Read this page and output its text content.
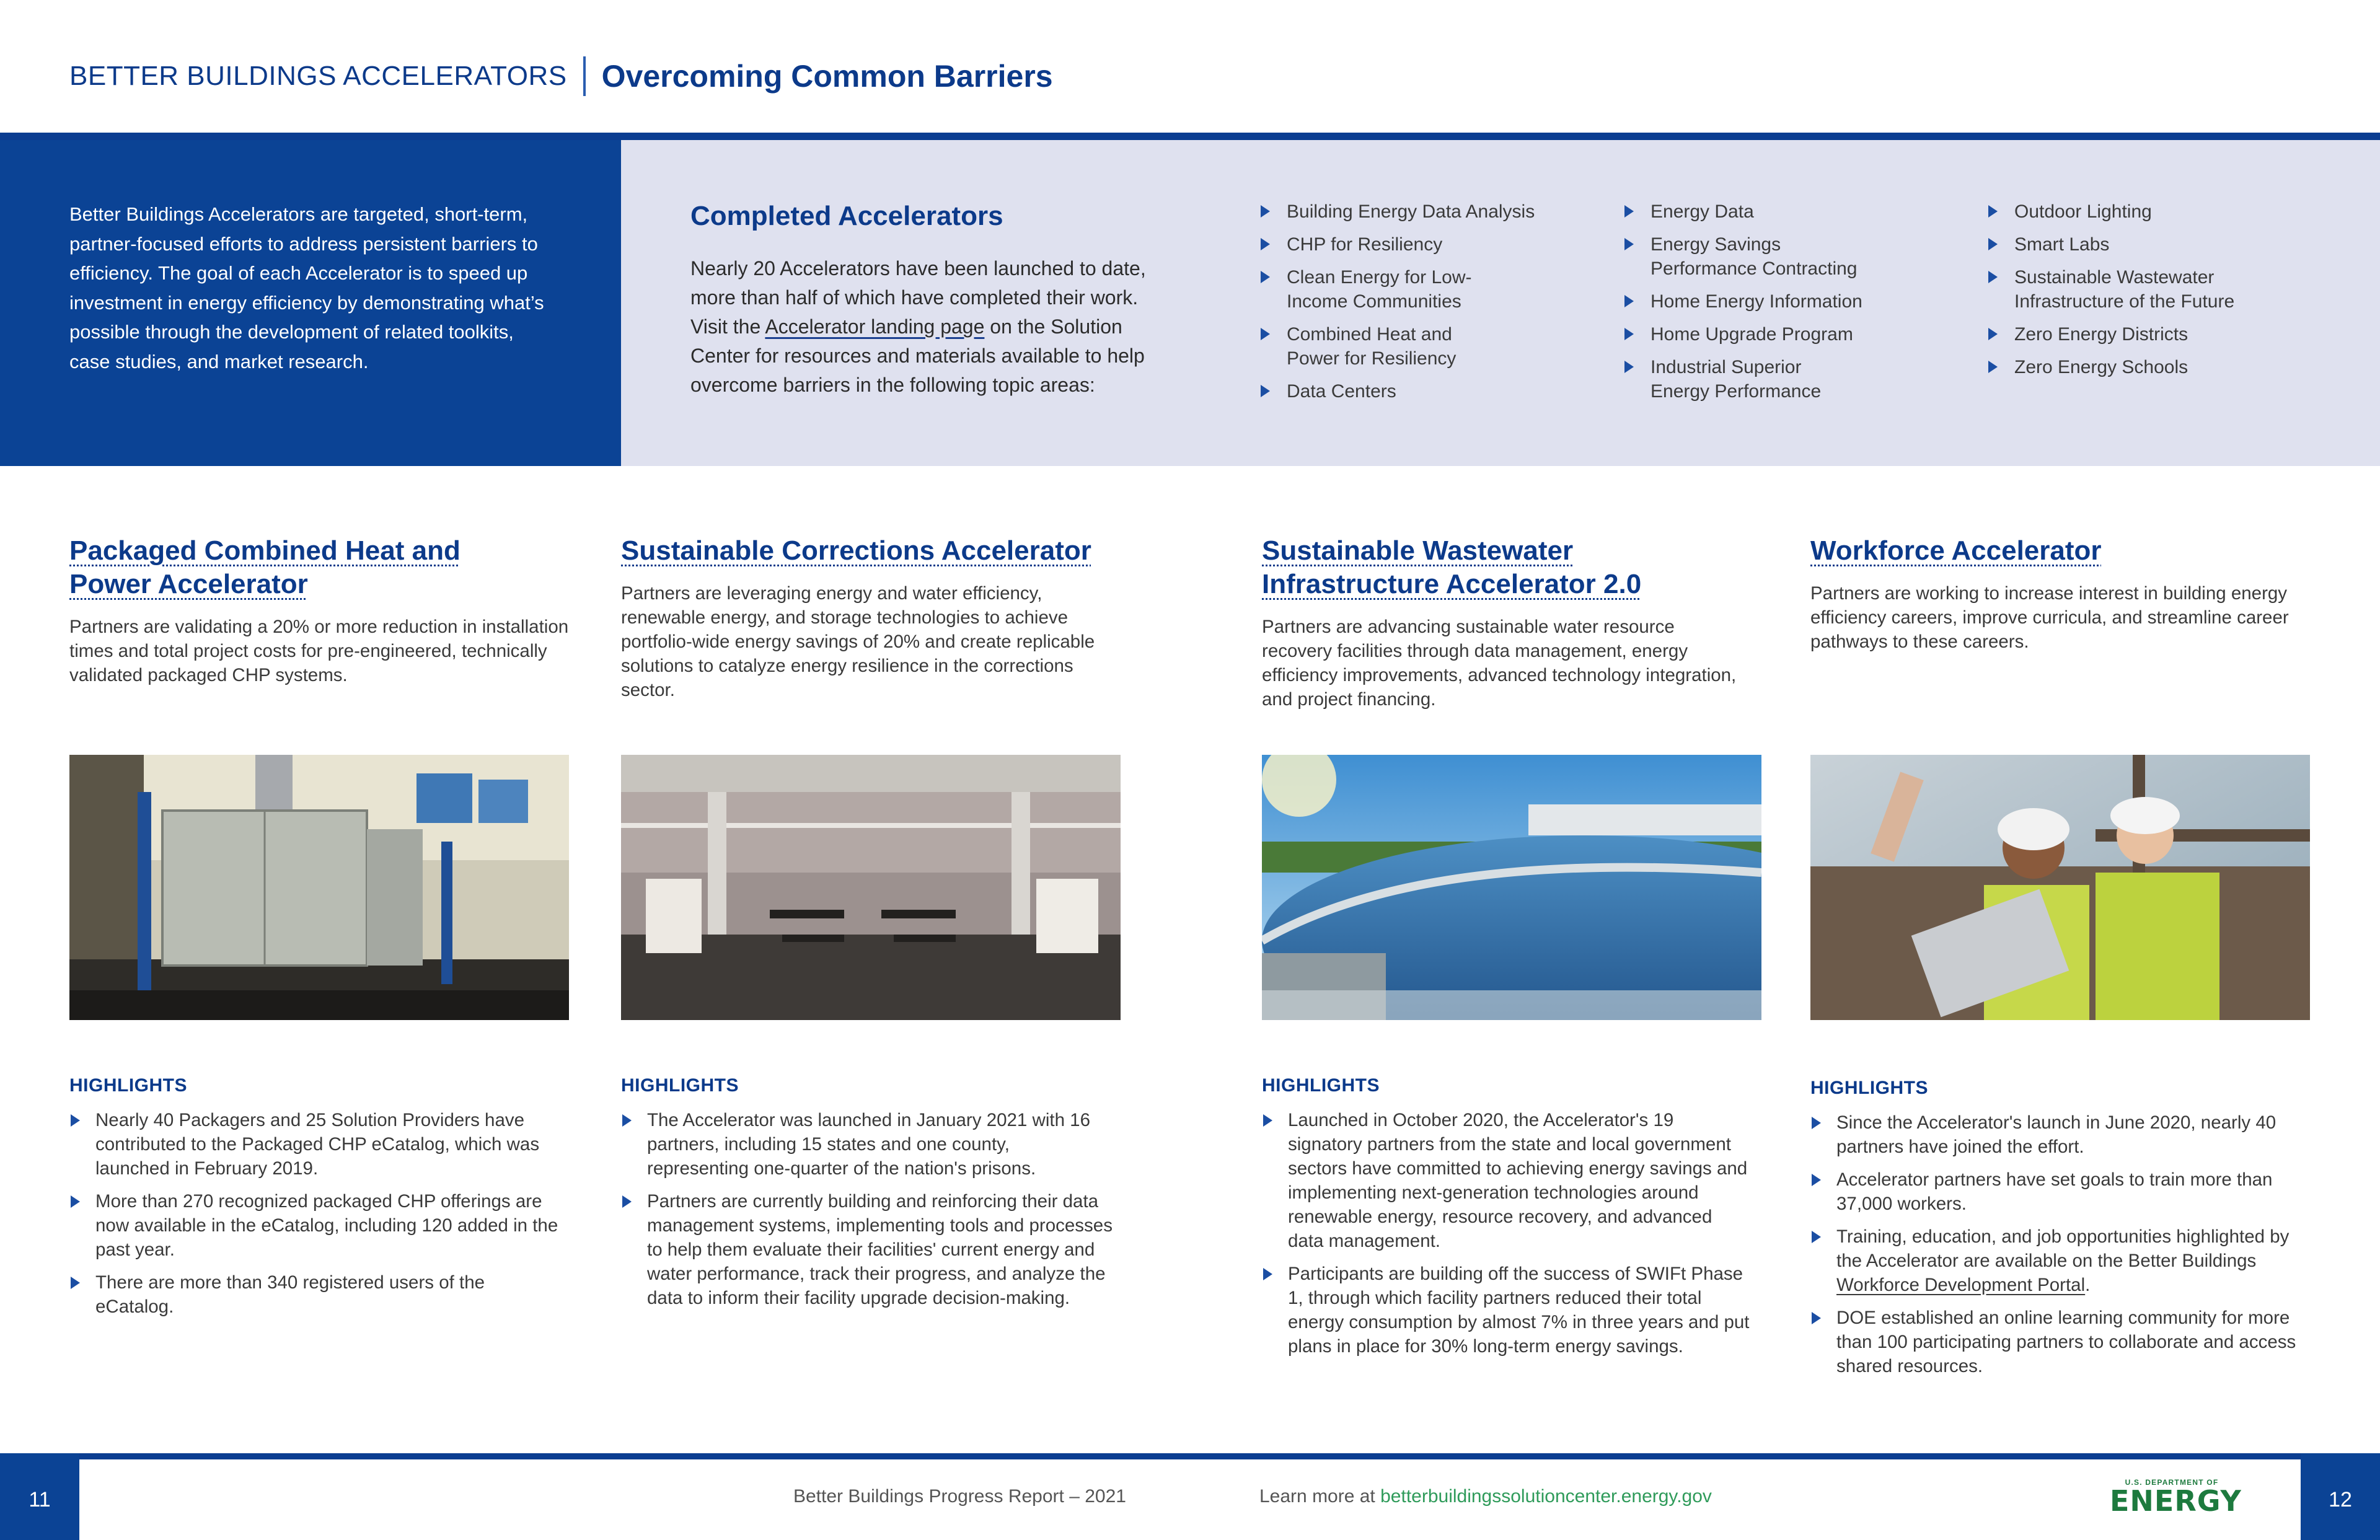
BETTER BUILDINGS ACCELERATORS Overcoming Common Barriers

Better Buildings Accelerators are targeted, short-term, partner-focused efforts to address persistent barriers to efficiency. The goal of each Accelerator is to speed up investment in energy efficiency by demonstrating what’s possible through the development of related toolkits, case studies, and market research.

Completed Accelerators

Nearly 20 Accelerators have been launched to date, more than half of which have completed their work. Visit the Accelerator landing page on the Solution Center for resources and materials available to help overcome barriers in the following topic areas:

Building Energy Data Analysis
CHP for Resiliency
Clean Energy for Low-Income Communities
Combined Heat and Power for Resiliency
Data Centers
Energy Data
Energy Savings Performance Contracting
Home Energy Information
Home Upgrade Program
Industrial Superior Energy Performance
Outdoor Lighting
Smart Labs
Sustainable Wastewater Infrastructure of the Future
Zero Energy Districts
Zero Energy Schools
Packaged Combined Heat and
Power Accelerator

Partners are validating a 20% or more reduction in installation times and total project costs for pre-engineered, technically validated packaged CHP systems.

Sustainable Corrections Accelerator

Partners are leveraging energy and water efficiency, renewable energy, and storage technologies to achieve portfolio-wide energy savings of 20% and create replicable solutions to catalyze energy resilience in the corrections sector.

Sustainable Wastewater
Infrastructure Accelerator 2.0

Partners are advancing sustainable water resource recovery facilities through data management, energy efficiency improvements, advanced technology integration, and project financing.

Workforce Accelerator

Partners are working to increase interest in building energy efficiency careers, improve curricula, and streamline career pathways to these careers.

HIGHLIGHTS
Nearly 40 Packagers and 25 Solution Providers have contributed to the Packaged CHP eCatalog, which was launched in February 2019.
More than 270 recognized packaged CHP offerings are now available in the eCatalog, including 120 added in the past year.
There are more than 340 registered users of the eCatalog.
HIGHLIGHTS
The Accelerator was launched in January 2021 with 16 partners, including 15 states and one county, representing one-quarter of the nation's prisons.
Partners are currently building and reinforcing their data management systems, implementing tools and processes to help them evaluate their facilities' current energy and water performance, track their progress, and analyze the data to inform their facility upgrade decision-making.
HIGHLIGHTS
Launched in October 2020, the Accelerator's 19 signatory partners from the state and local government sectors have committed to achieving energy savings and implementing next-generation technologies around renewable energy, resource recovery, and advanced data management.
Participants are building off the success of SWIFt Phase 1, through which facility partners reduced their total energy consumption by almost 7% in three years and put plans in place for 30% long-term energy savings.
HIGHLIGHTS
Since the Accelerator's launch in June 2020, nearly 40 partners have joined the effort.
Accelerator partners have set goals to train more than 37,000 workers.
Training, education, and job opportunities highlighted by the Accelerator are available on the Better Buildings Workforce Development Portal.
DOE established an online learning community for more than 100 participating partners to collaborate and access shared resources.
11	12
Better Buildings Progress Report – 2021	Learn more at betterbuildingssolutioncenter.energy.gov
U.S. DEPARTMENT OF
ENERGY
